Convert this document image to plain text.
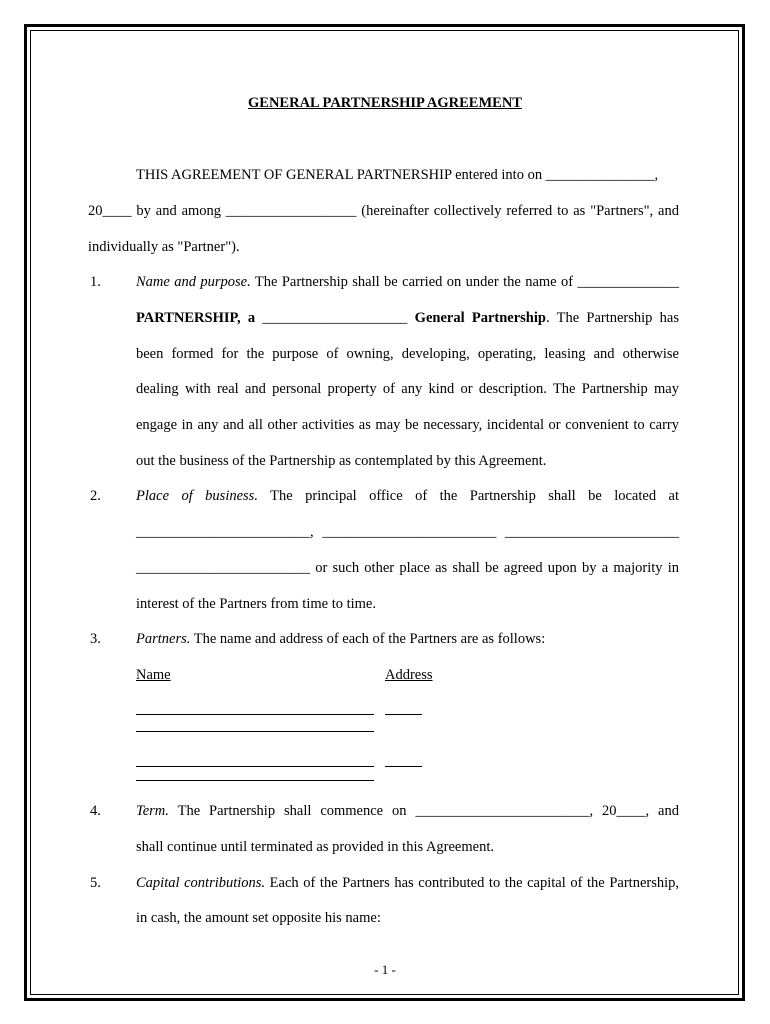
GENERAL PARTNERSHIP AGREEMENT
THIS AGREEMENT OF GENERAL PARTNERSHIP entered into on _______________,
20____ by and among __________________ (hereinafter collectively referred to as "Partners", and
individually as "Partner").
1. Name and purpose. The Partnership shall be carried on under the name of ______________
PARTNERSHIP, a ____________________ General Partnership. The Partnership has
been formed for the purpose of owning, developing, operating, leasing and otherwise
dealing with real and personal property of any kind or description. The Partnership may
engage in any and all other activities as may be necessary, incidental or convenient to carry
out the business of the Partnership as contemplated by this Agreement.
2. Place of business. The principal office of the Partnership shall be located at
________________________, ________________________ ________________________
________________________ or such other place as shall be agreed upon by a majority in
interest of the Partners from time to time.
3. Partners. The name and address of each of the Partners are as follows:
Name	Address
4. Term. The Partnership shall commence on ________________________, 20____, and
shall continue until terminated as provided in this Agreement.
5. Capital contributions. Each of the Partners has contributed to the capital of the Partnership,
in cash, the amount set opposite his name:
- 1 -
